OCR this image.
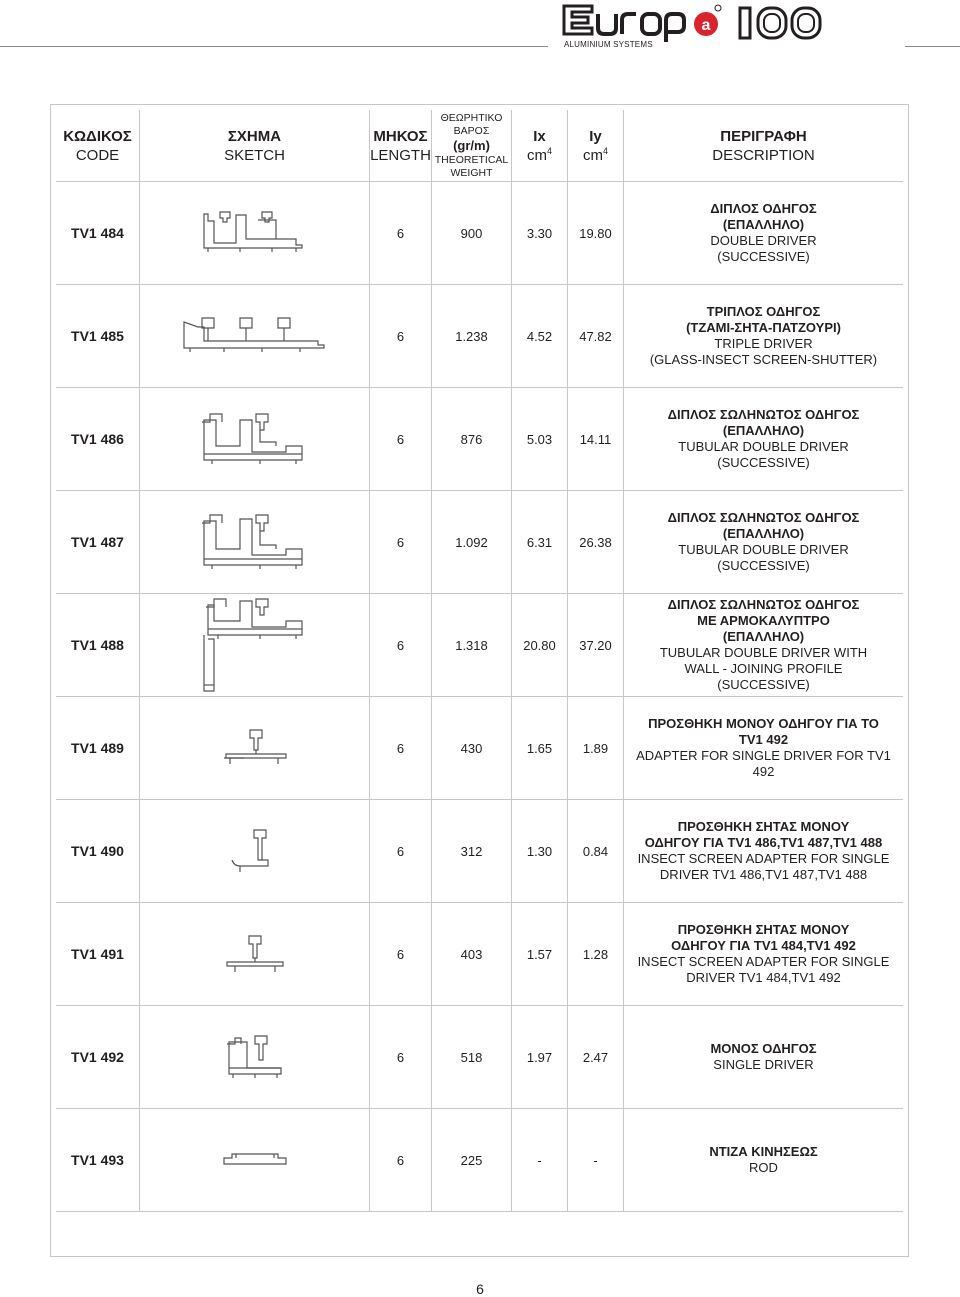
a
ALUMINIUM SYSTEMS
ΚΩΔΙΚΟΣ
CODE
ΣΧΗΜΑ
SKETCH
ΜΗΚΟΣ
LENGTH
ΘΕΩΡΗΤΙΚΟ
ΒΑΡΟΣ
(gr/m)
THEORETICAL
WEIGHT
Ix
$cm^4$
Iy
$cm^4$
ΠΕΡΙΓΡΑΦΗ
DESCRIPTION
TV1 484	6	900	3.30 19.80
ΔΙΠΛΟΣ ΟΔΗΓΟΣ
(ΕΠΑΛΛΗΛΟ)
DOUBLE DRIVER
(SUCCESSIVE)
TV1 485	6	1.238	4.52 47.82
ΤΡΙΠΛΟΣ ΟΔΗΓΟΣ
(ΤΖΑΜΙ-ΣΗΤΑ-ΠΑΤΖΟΥΡΙ)
TRIPLE DRIVER
(GLASS-INSECT SCREEN-SHUTTER)
TV1 486	6	876	5.03 14.11
ΔΙΠΛΟΣ ΣΩΛΗΝΩΤΟΣ ΟΔΗΓΟΣ
(ΕΠΑΛΛΗΛΟ)
TUBULAR DOUBLE DRIVER
(SUCCESSIVE)
TV1 487	6	1.092	6.31 26.38
ΔΙΠΛΟΣ ΣΩΛΗΝΩΤΟΣ ΟΔΗΓΟΣ
(ΕΠΑΛΛΗΛΟ)
TUBULAR DOUBLE DRIVER
(SUCCESSIVE)
TV1 488	6	1.318	20.80 37.20
ΔΙΠΛΟΣ ΣΩΛΗΝΩΤΟΣ ΟΔΗΓΟΣ
ΜΕ ΑΡΜΟΚΑΛΥΠΤΡΟ
(ΕΠΑΛΛΗΛΟ)
TUBULAR DOUBLE DRIVER WITH
WALL - JOINING PROFILE
(SUCCESSIVE)
TV1 489	6	430	1.65 1.89
ΠΡΟΣΘΗΚΗ ΜΟΝΟΥ ΟΔΗΓΟΥ ΓΙΑ ΤΟ
TV1 492
ADAPTER FOR SINGLE DRIVER FOR TV1 492
TV1 490	6	312	1.30 0.84
ΠΡΟΣΘΗΚΗ ΣΗΤΑΣ ΜΟΝΟΥ
ΟΔΗΓΟΥ ΓΙΑ TV1 486,TV1 487,TV1 488
INSECT SCREEN ADAPTER FOR SINGLE
DRIVER TV1 486,TV1 487,TV1 488
TV1 491	6	403	1.57 1.28
ΠΡΟΣΘΗΚΗ ΣΗΤΑΣ ΜΟΝΟΥ
ΟΔΗΓΟΥ ΓΙΑ TV1 484,TV1 492
INSECT SCREEN ADAPTER FOR SINGLE
DRIVER TV1 484,TV1 492
TV1 492	6	518	1.97 2.47
ΜΟΝΟΣ ΟΔΗΓΟΣ
SINGLE DRIVER
TV1 493	6	225	-	-
ΝΤΙΖΑ ΚΙΝΗΣΕΩΣ
ROD
6
